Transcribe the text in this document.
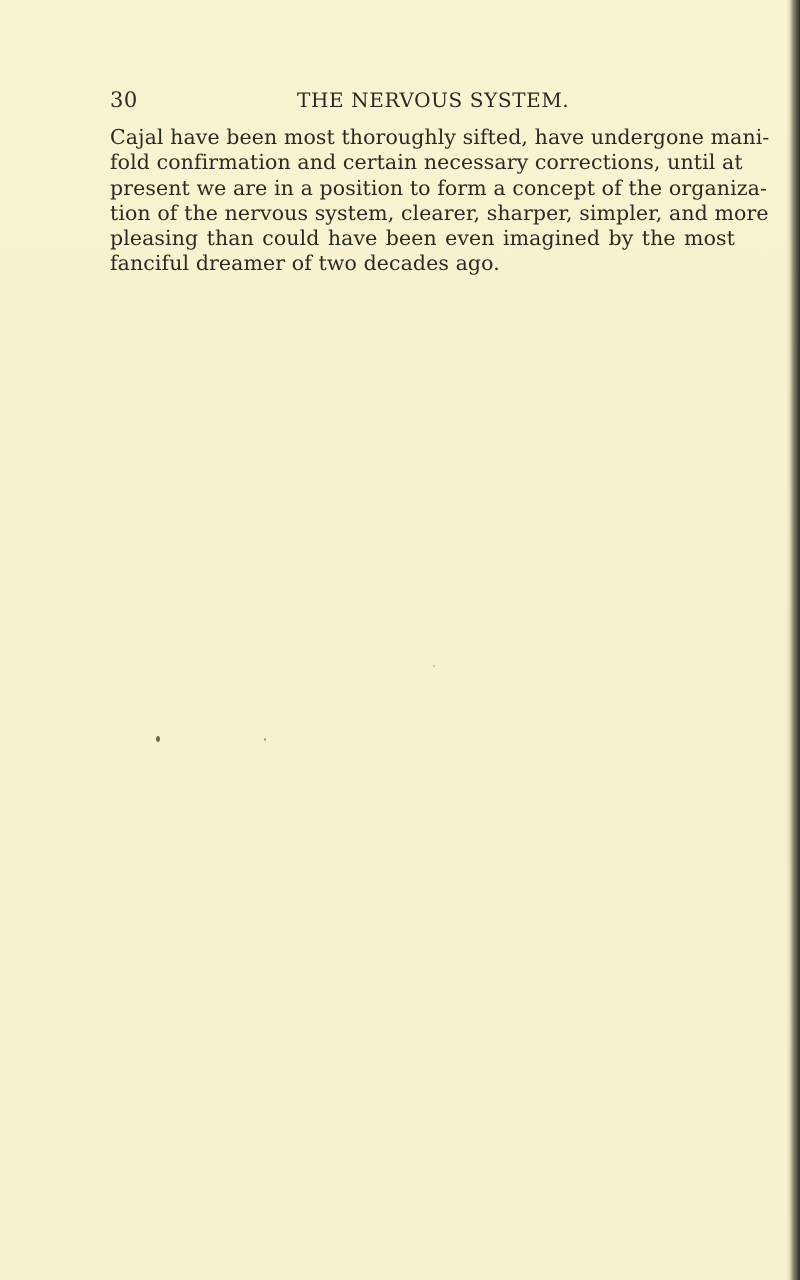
30	THE NERVOUS SYSTEM.
Cajal have been most thoroughly sifted, have undergone mani-
fold confirmation and certain necessary corrections, until at
present we are in a position to form a concept of the organiza-
tion of the nervous system, clearer, sharper, simpler, and more
pleasing than could have been even imagined by the most
fanciful dreamer of two decades ago.
